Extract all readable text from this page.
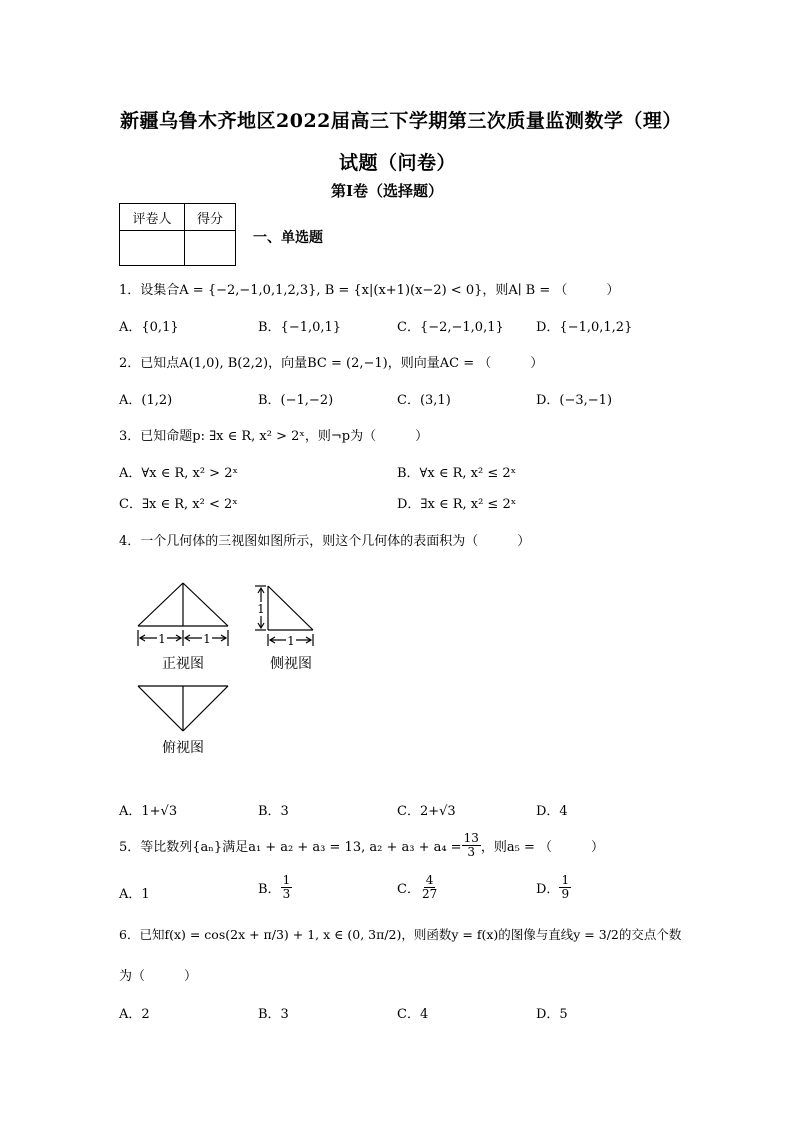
新疆乌鲁木齐地区2022届高三下学期第三次质量监测数学（理）
试题（问卷）
第I卷（选择题）
评卷人	得分

一、单选题
1．设集合A = {−2,−1,0,1,2,3}, B = {x|(x+1)(x−2) < 0}，则A∣ B = （　　　）
A．{0,1}	B．{−1,0,1}	C．{−2,−1,0,1} D．{−1,0,1,2}
2．已知点A(1,0), B(2,2)，向量BC = (2,−1)，则向量AC = （　　　）
A．(1,2)	B．(−1,−2)	C．(3,1)	D．(−3,−1)
3．已知命题p: ∃x ∈ R, x² > 2ˣ，则¬p为（　　　）
A．∀x ∈ R, x² > 2ˣ	B．∀x ∈ R, x² ≤ 2ˣ
C．∃x ∈ R, x² < 2ˣ	D．∃x ∈ R, x² ≤ 2ˣ
4．一个几何体的三视图如图所示，则这个几何体的表面积为（　　　）
1	1
正视图
1
1
侧视图
俯视图
A．1+√3	B．3	C．2+√3	D．4
5．等比数列{aₙ}满足a₁ + a₂ + a₃ = 13, $a_2 + a_3 + a_4 = \frac{13}{3}$ ，则a₅ = （　　　）
A．1	B． $\frac{1}{3}$	C． $\frac{4}{27}$	D． $\frac{1}{9}$
6．已知f(x) = cos(2x + π/3) + 1, x ∈ (0, 3π/2)，则函数y = f(x)的图像与直线y = 3/2的交点个数
为（　　　）
A．2	B．3	C．4	D．5
